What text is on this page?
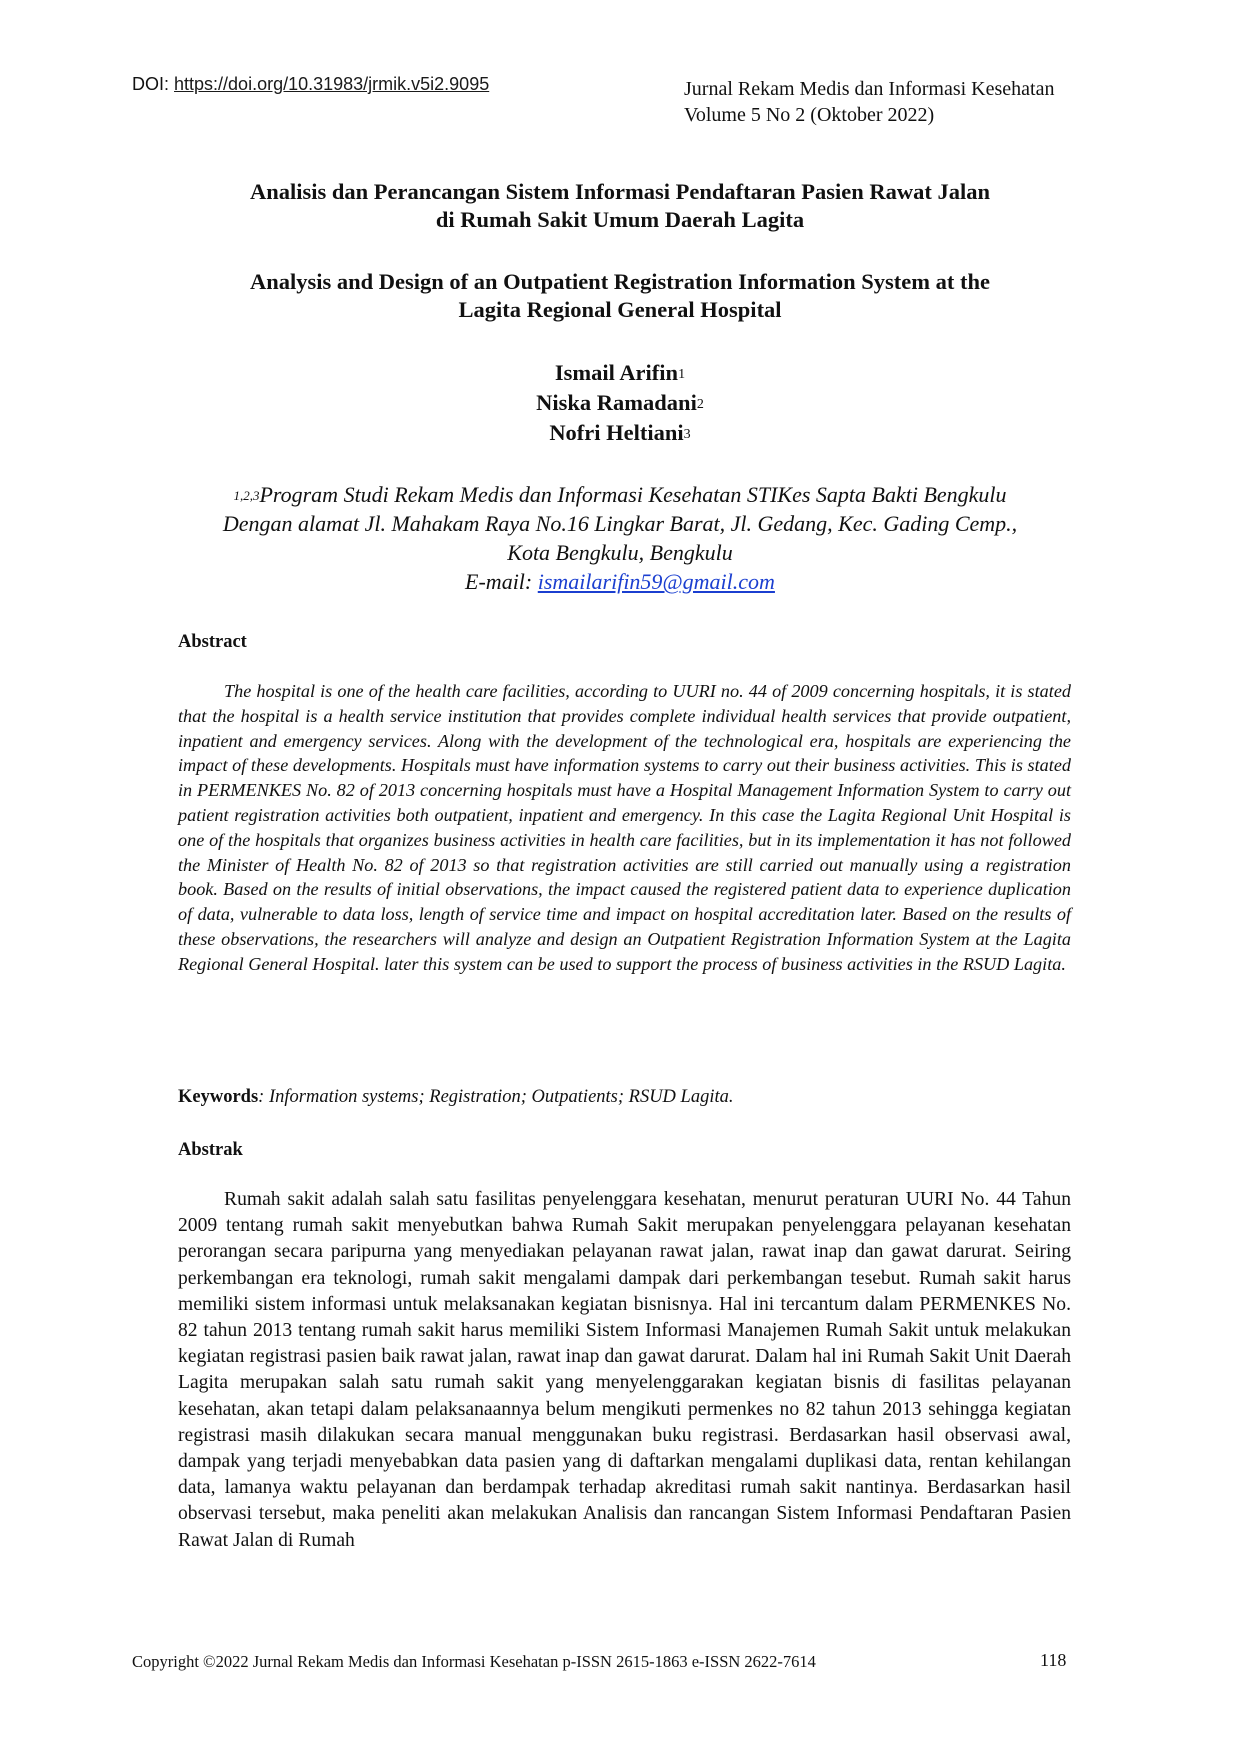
DOI: https://doi.org/10.31983/jrmik.v5i2.9095	Jurnal Rekam Medis dan Informasi Kesehatan
Volume 5 No 2 (Oktober 2022)
Analisis dan Perancangan Sistem Informasi Pendaftaran Pasien Rawat Jalan
di Rumah Sakit Umum Daerah Lagita
Analysis and Design of an Outpatient Registration Information System at the
Lagita Regional General Hospital
Ismail Arifin$^1$
Niska Ramadani$^2$
Nofri Heltiani$^3$
$^{1,2,3}$Program Studi Rekam Medis dan Informasi Kesehatan STIKes Sapta Bakti Bengkulu
Dengan alamat Jl. Mahakam Raya No.16 Lingkar Barat, Jl. Gedang, Kec. Gading Cemp.,
Kota Bengkulu, Bengkulu
E-mail: ismailarifin59@gmail.com
Abstract

The hospital is one of the health care facilities, according to UURI no. 44 of 2009 concerning hospitals, it is stated that the hospital is a health service institution that provides complete individual health services that provide outpatient, inpatient and emergency services. Along with the development of the technological era, hospitals are experiencing the impact of these developments. Hospitals must have information systems to carry out their business activities. This is stated in PERMENKES No. 82 of 2013 concerning hospitals must have a Hospital Management Information System to carry out patient registration activities both outpatient, inpatient and emergency. In this case the Lagita Regional Unit Hospital is one of the hospitals that organizes business activities in health care facilities, but in its implementation it has not followed the Minister of Health No. 82 of 2013 so that registration activities are still carried out manually using a registration book. Based on the results of initial observations, the impact caused the registered patient data to experience duplication of data, vulnerable to data loss, length of service time and impact on hospital accreditation later. Based on the results of these observations, the researchers will analyze and design an Outpatient Registration Information System at the Lagita Regional General Hospital. later this system can be used to support the process of business activities in the RSUD Lagita.

Keywords: Information systems; Registration; Outpatients; RSUD Lagita.
Abstrak

Rumah sakit adalah salah satu fasilitas penyelenggara kesehatan, menurut peraturan UURI No. 44 Tahun 2009 tentang rumah sakit menyebutkan bahwa Rumah Sakit merupakan penyelenggara pelayanan kesehatan perorangan secara paripurna yang menyediakan pelayanan rawat jalan, rawat inap dan gawat darurat. Seiring perkembangan era teknologi, rumah sakit mengalami dampak dari perkembangan tesebut. Rumah sakit harus memiliki sistem informasi untuk melaksanakan kegiatan bisnisnya. Hal ini tercantum dalam PERMENKES No. 82 tahun 2013 tentang rumah sakit harus memiliki Sistem Informasi Manajemen Rumah Sakit untuk melakukan kegiatan registrasi pasien baik rawat jalan, rawat inap dan gawat darurat. Dalam hal ini Rumah Sakit Unit Daerah Lagita merupakan salah satu rumah sakit yang menyelenggarakan kegiatan bisnis di fasilitas pelayanan kesehatan, akan tetapi dalam pelaksanaannya belum mengikuti permenkes no 82 tahun 2013 sehingga kegiatan registrasi masih dilakukan secara manual menggunakan buku registrasi. Berdasarkan hasil observasi awal, dampak yang terjadi menyebabkan data pasien yang di daftarkan mengalami duplikasi data, rentan kehilangan data, lamanya waktu pelayanan dan berdampak terhadap akreditasi rumah sakit nantinya. Berdasarkan hasil observasi tersebut, maka peneliti akan melakukan Analisis dan rancangan Sistem Informasi Pendaftaran Pasien Rawat Jalan di Rumah

Copyright ©2022 Jurnal Rekam Medis dan Informasi Kesehatan p-ISSN 2615-1863 e-ISSN 2622-7614	118
